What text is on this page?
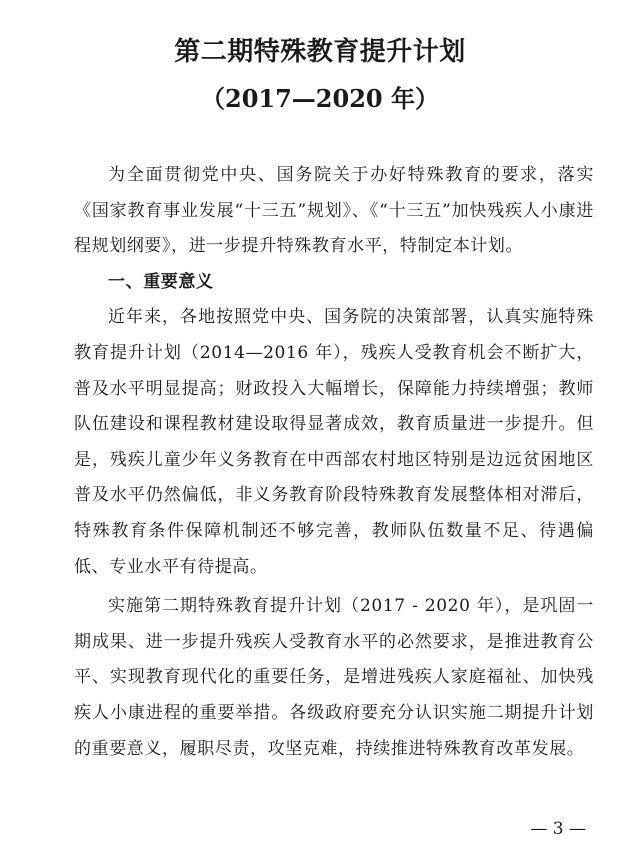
第二期特殊教育提升计划
（2017—2020 年）

为全面贯彻党中央、国务院关于办好特殊教育的要求，落实《国家教育事业发展“十三五”规划》、《“十三五”加快残疾人小康进程规划纲要》，进一步提升特殊教育水平，特制定本计划。

一、重要意义

近年来，各地按照党中央、国务院的决策部署，认真实施特殊教育提升计划（2014—2016 年），残疾人受教育机会不断扩大，普及水平明显提高；财政投入大幅增长，保障能力持续增强；教师队伍建设和课程教材建设取得显著成效，教育质量进一步提升。但是，残疾儿童少年义务教育在中西部农村地区特别是边远贫困地区普及水平仍然偏低，非义务教育阶段特殊教育发展整体相对滞后，特殊教育条件保障机制还不够完善，教师队伍数量不足、待遇偏低、专业水平有待提高。

实施第二期特殊教育提升计划（2017 - 2020 年），是巩固一期成果、进一步提升残疾人受教育水平的必然要求，是推进教育公平、实现教育现代化的重要任务，是增进残疾人家庭福祉、加快残疾人小康进程的重要举措。各级政府要充分认识实施二期提升计划的重要意义，履职尽责，攻坚克难，持续推进特殊教育改革发展。

— 3 —
